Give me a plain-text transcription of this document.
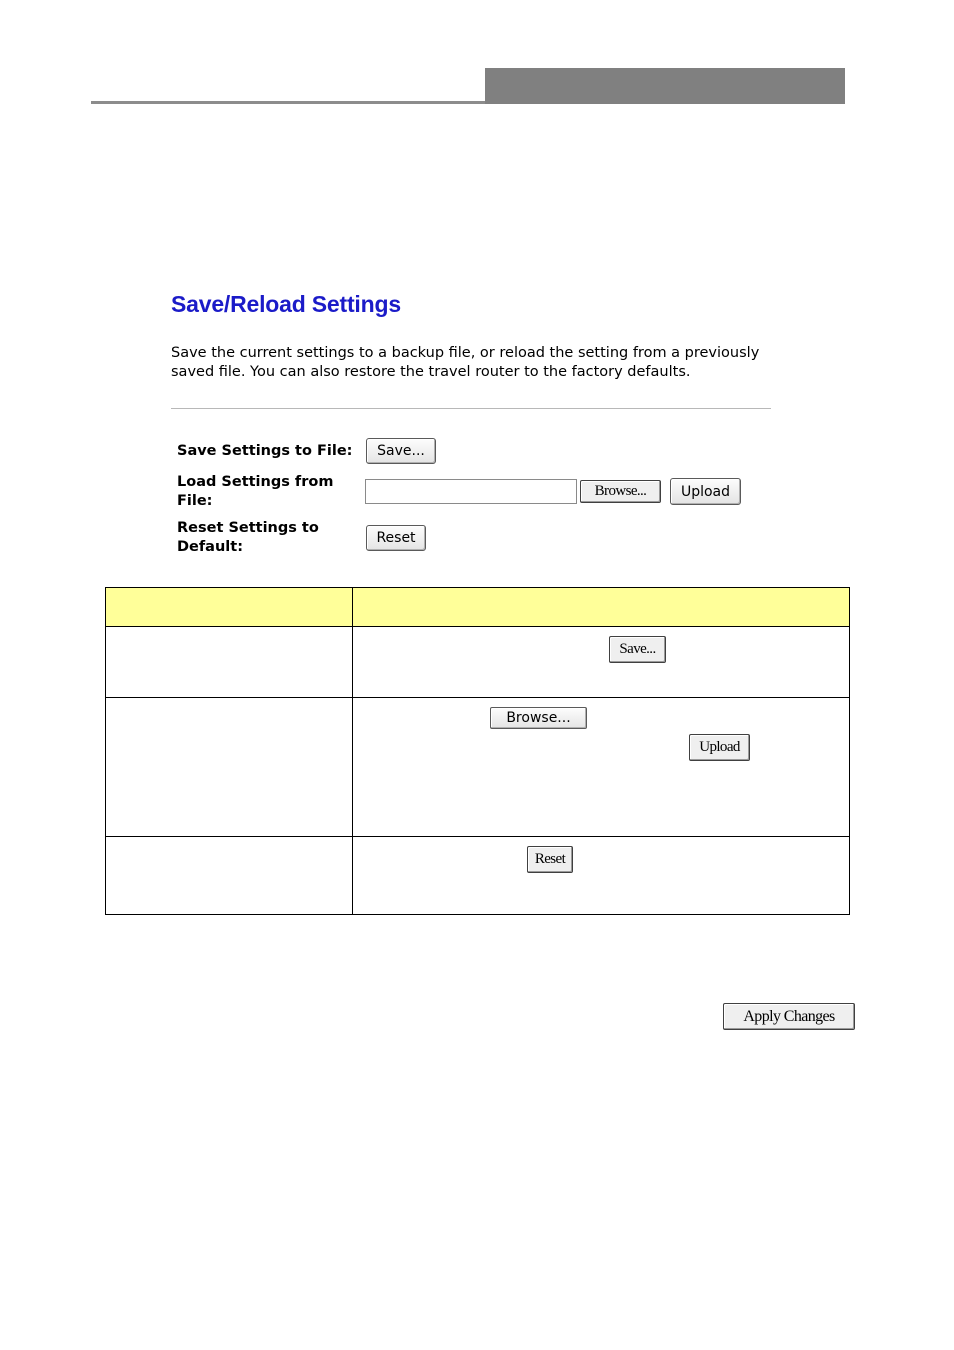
Save/Reload Settings
Save the current settings to a backup file, or reload the setting from a previously saved file. You can also restore the travel router to the factory defaults.
Save Settings to File:	Save...
Load Settings from File:
Browse...	Upload
Reset Settings to Default:
Reset
Save...
Browse...
Upload
Reset
Apply Changes
